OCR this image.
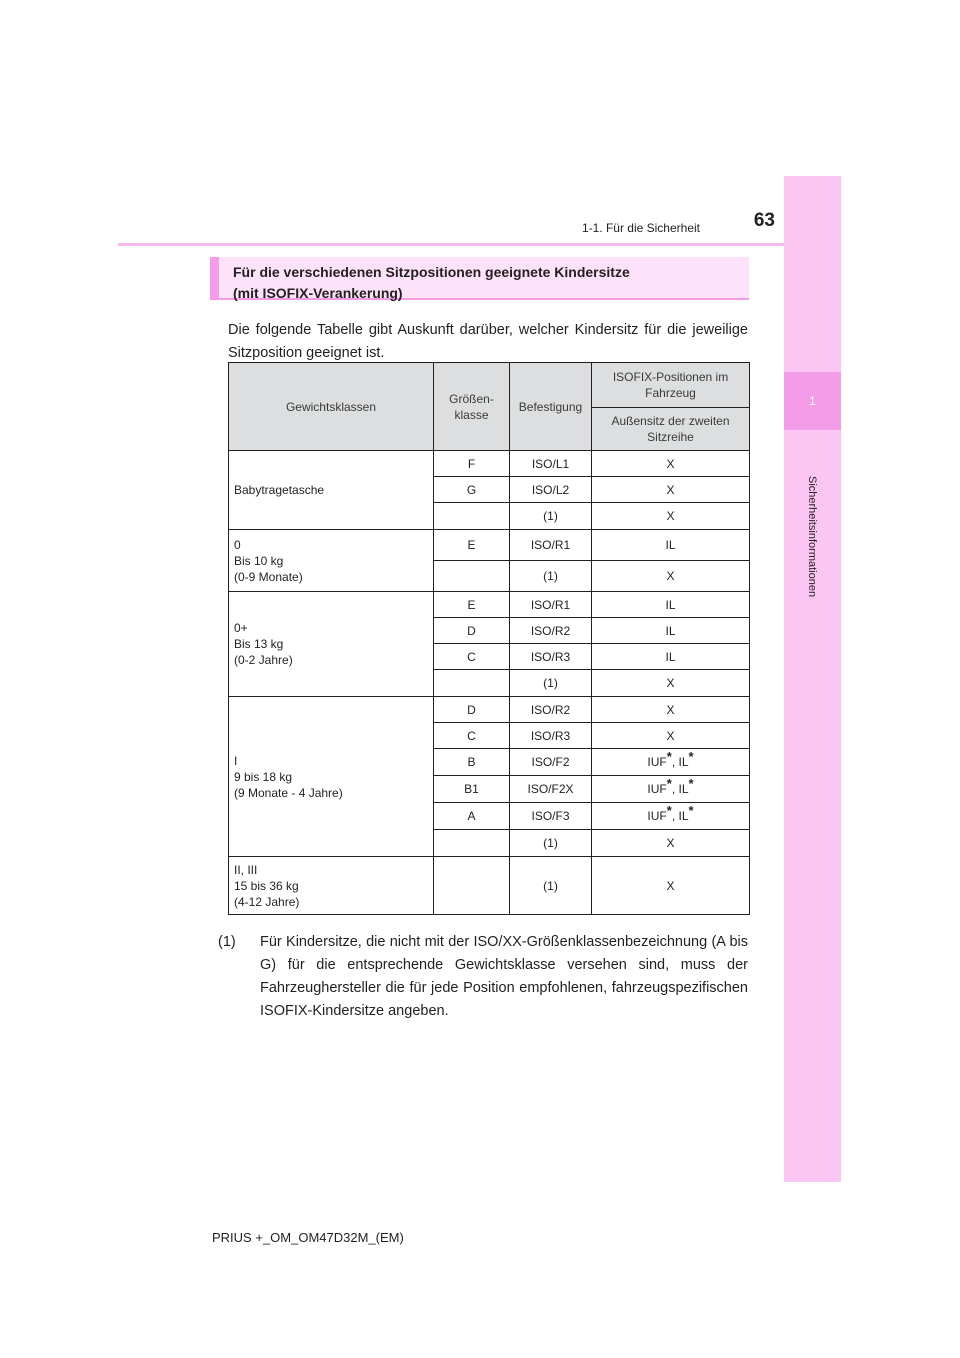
1-1. Für die Sicherheit	63
1
Sicherheitsinformationen
Für die verschiedenen Sitzpositionen geeignete Kindersitze
(mit ISOFIX-Verankerung)
Die folgende Tabelle gibt Auskunft darüber, welcher Kindersitz für die jeweilige Sitzposition geeignet ist.
Gewichtsklassen	Größen-klasse	Befestigung	ISOFIX-Positionen im Fahrzeug
			Außensitz der zweiten Sitzreihe

Babytragetasche	F	ISO/L1	X
	G	ISO/L2	X
		(1)	X

0
Bis 10 kg
(0-9 Monate)	E	ISO/R1	IL
		(1)	X

0+
Bis 13 kg
(0-2 Jahre)	E	ISO/R1	IL
	D	ISO/R2	IL
	C	ISO/R3	IL
		(1)	X

I
9 bis 18 kg
(9 Monate - 4 Jahre)	D	ISO/R2	X
	C	ISO/R3	X
	B	ISO/F2	IUF*, IL*
	B1	ISO/F2X	IUF*, IL*
	A	ISO/F3	IUF*, IL*
		(1)	X

II, III
15 bis 36 kg
(4-12 Jahre)		(1)	X
(1) Für Kindersitze, die nicht mit der ISO/XX-Größenklassenbezeichnung (A bis G) für die entsprechende Gewichtsklasse versehen sind, muss der Fahrzeughersteller die für jede Position empfohlenen, fahrzeugspezifischen ISOFIX-Kindersitze angeben.
PRIUS +_OM_OM47D32M_(EM)
